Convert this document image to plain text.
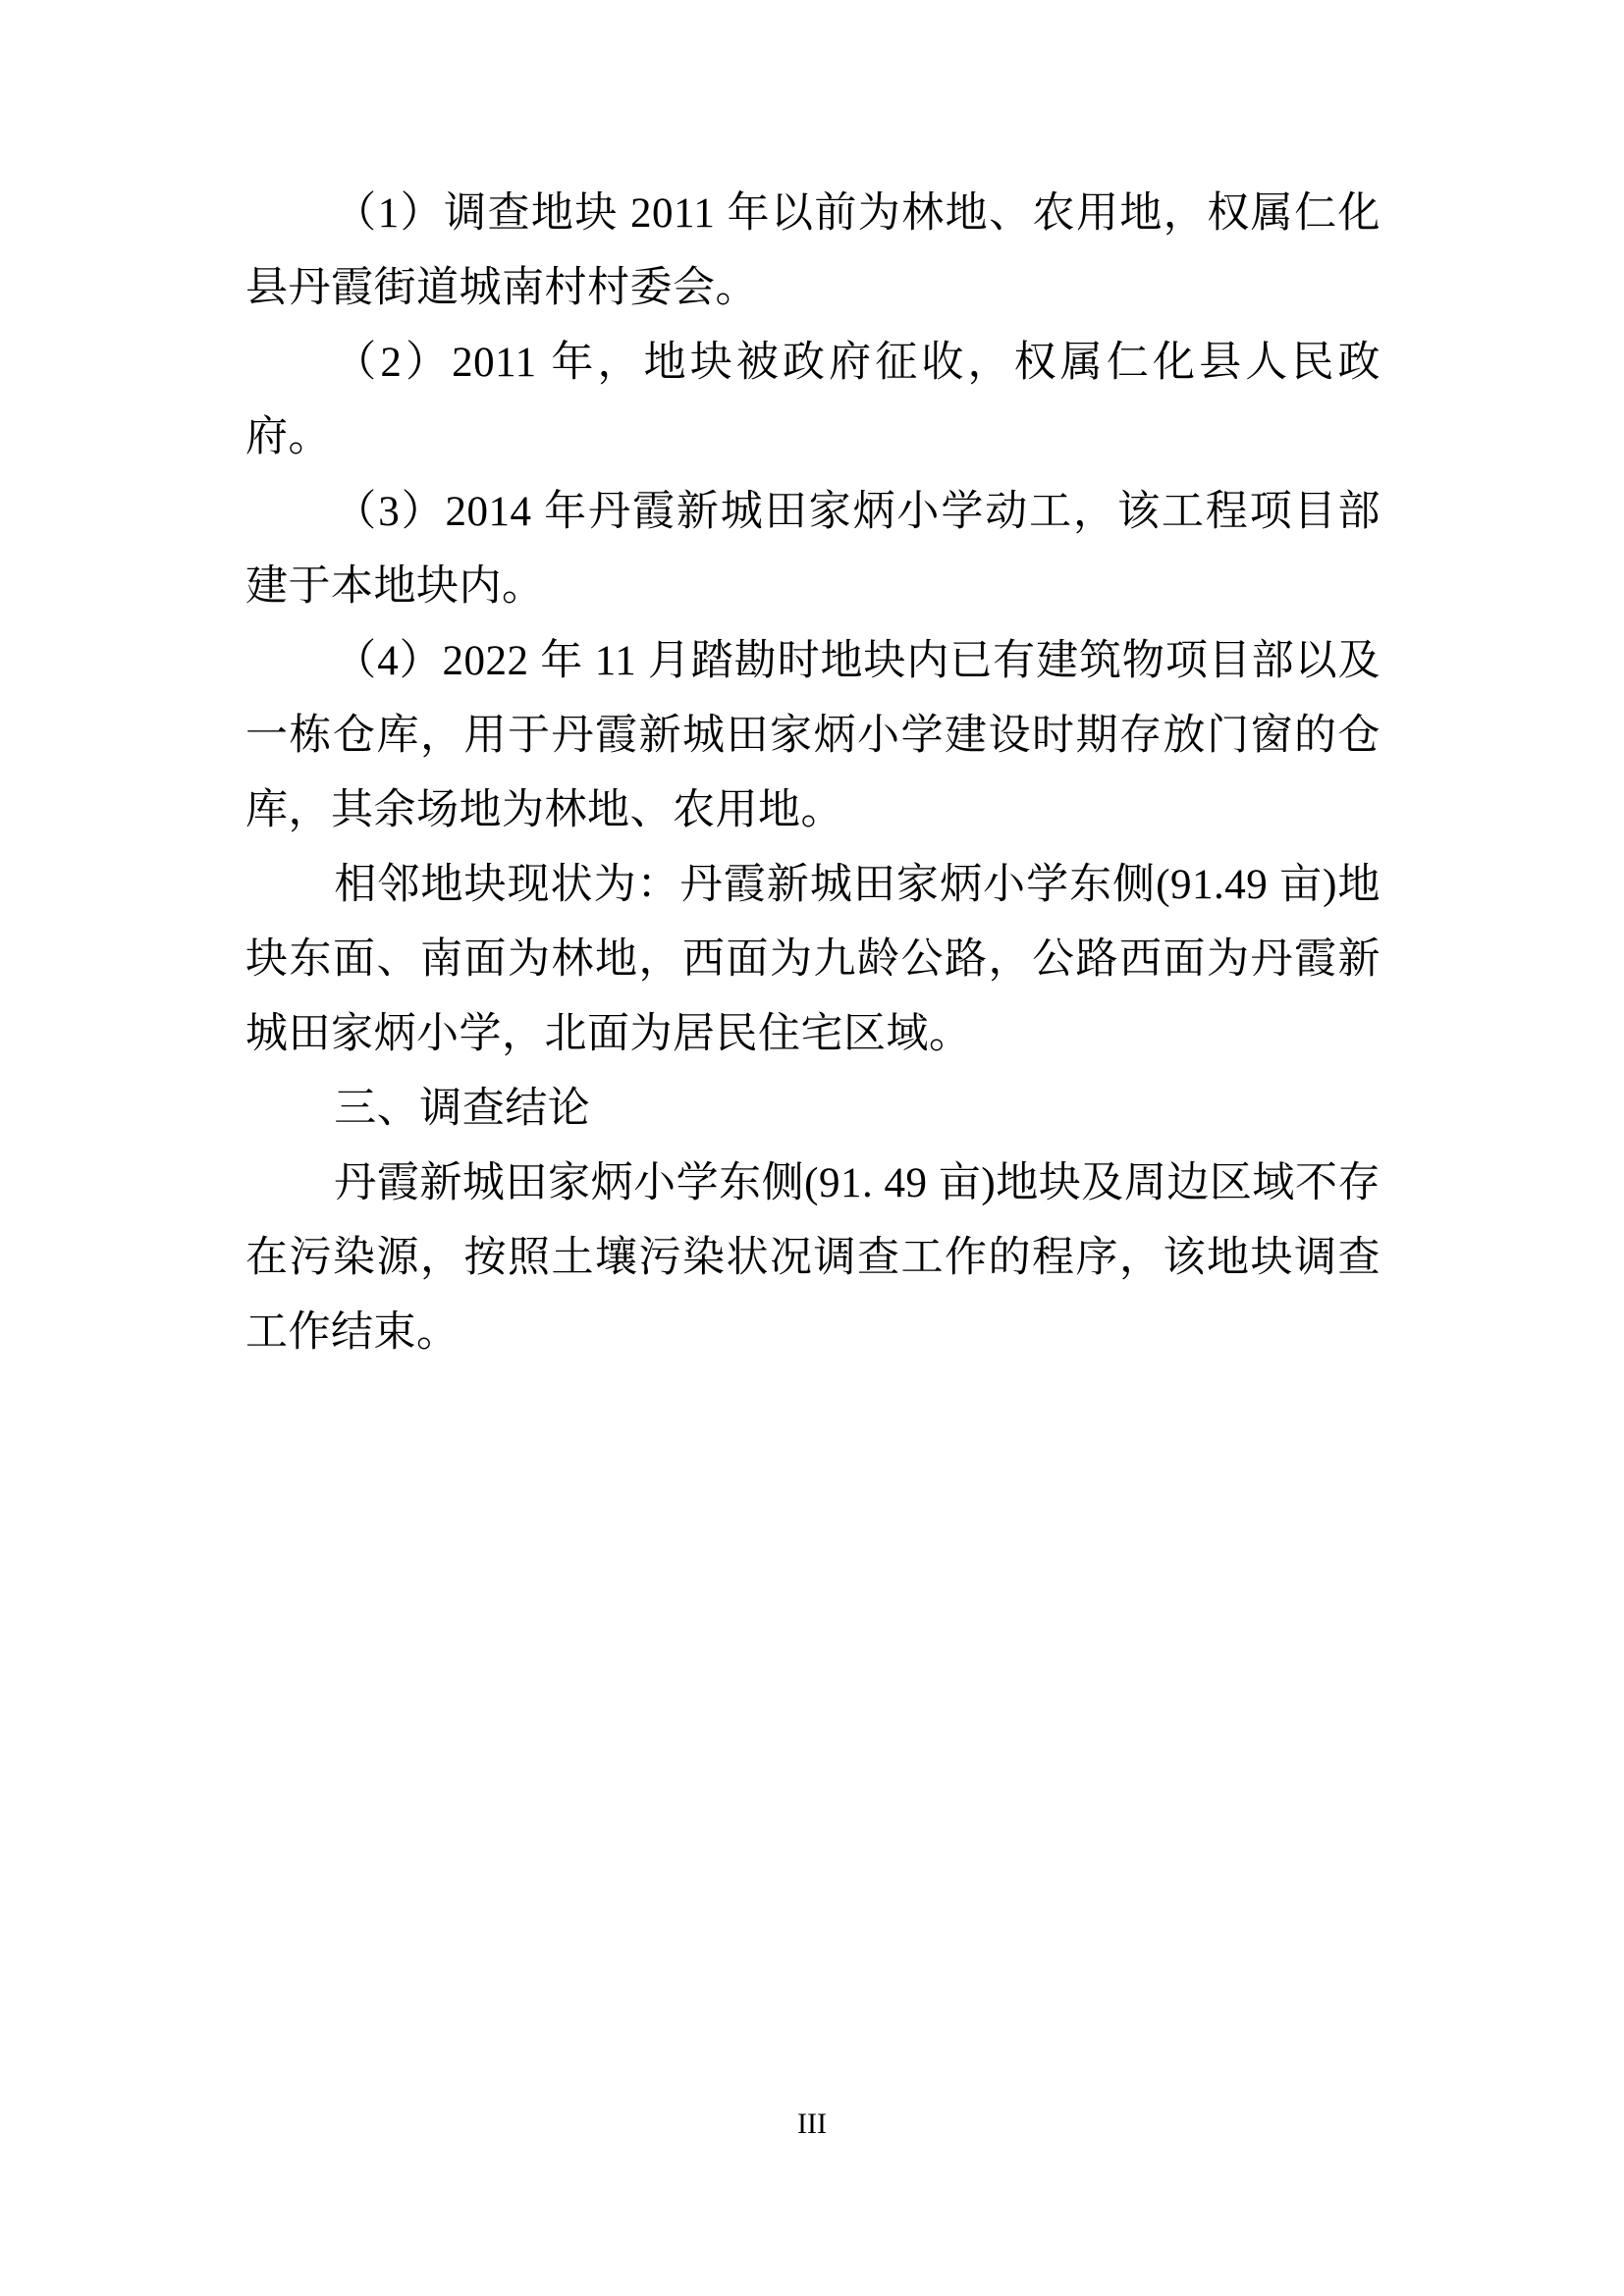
（1）调查地块 2011 年以前为林地、农用地，权属仁化县丹霞街道城南村村委会。

（2）2011 年，地块被政府征收，权属仁化县人民政府。

（3）2014 年丹霞新城田家炳小学动工，该工程项目部建于本地块内。

（4）2022 年 11 月踏勘时地块内已有建筑物项目部以及一栋仓库，用于丹霞新城田家炳小学建设时期存放门窗的仓库，其余场地为林地、农用地。

相邻地块现状为：丹霞新城田家炳小学东侧(91.49 亩)地块东面、南面为林地，西面为九龄公路，公路西面为丹霞新城田家炳小学，北面为居民住宅区域。

三、调查结论

丹霞新城田家炳小学东侧(91. 49 亩)地块及周边区域不存在污染源，按照土壤污染状况调查工作的程序，该地块调查工作结束。

III
